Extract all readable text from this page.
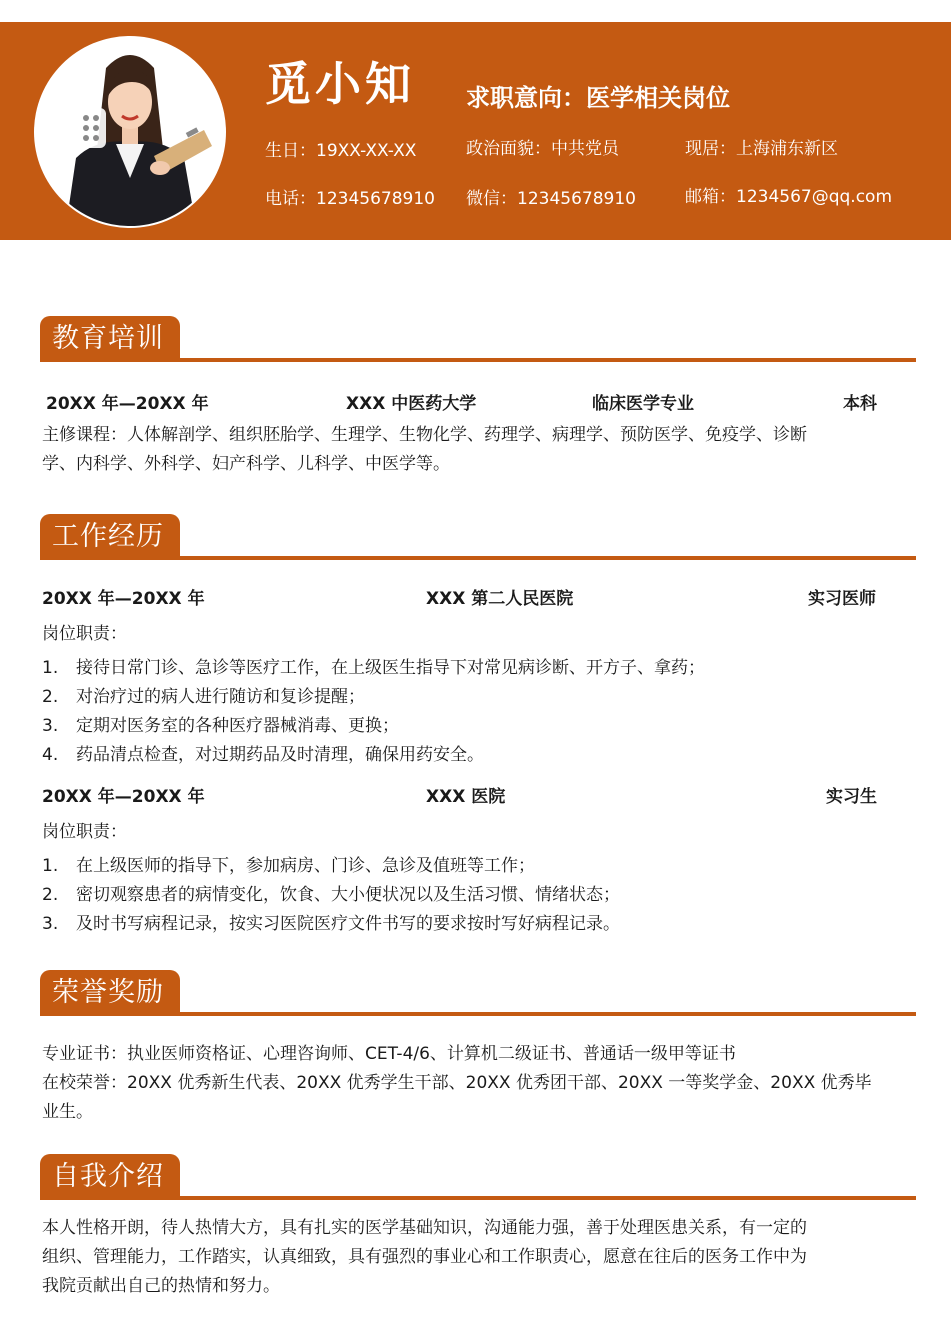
觅小知 求职意向：医学相关岗位
生日：19XX-XX-XX	政治面貌：中共党员	现居：上海浦东新区
电话：12345678910 微信：12345678910	邮箱：1234567@qq.com
教育培训
20XX 年—20XX 年	XXX 中医药大学	临床医学专业	本科
主修课程：人体解剖学、组织胚胎学、生理学、生物化学、药理学、病理学、预防医学、免疫学、诊断
学、内科学、外科学、妇产科学、儿科学、中医学等。
工作经历
20XX 年—20XX 年	XXX 第二人民医院	实习医师
岗位职责：
1. 接待日常门诊、急诊等医疗工作，在上级医生指导下对常见病诊断、开方子、拿药；
2. 对治疗过的病人进行随访和复诊提醒；
3. 定期对医务室的各种医疗器械消毒、更换；
4. 药品清点检查，对过期药品及时清理，确保用药安全。
20XX 年—20XX 年	XXX 医院	实习生
岗位职责：
1. 在上级医师的指导下，参加病房、门诊、急诊及值班等工作；
2. 密切观察患者的病情变化，饮食、大小便状况以及生活习惯、情绪状态；
3. 及时书写病程记录，按实习医院医疗文件书写的要求按时写好病程记录。
荣誉奖励
专业证书：执业医师资格证、心理咨询师、CET-4/6、计算机二级证书、普通话一级甲等证书
在校荣誉：20XX 优秀新生代表、20XX 优秀学生干部、20XX 优秀团干部、20XX 一等奖学金、20XX 优秀毕
业生。
自我介绍
本人性格开朗，待人热情大方，具有扎实的医学基础知识，沟通能力强，善于处理医患关系，有一定的
组织、管理能力，工作踏实，认真细致，具有强烈的事业心和工作职责心，愿意在往后的医务工作中为
我院贡献出自己的热情和努力。
